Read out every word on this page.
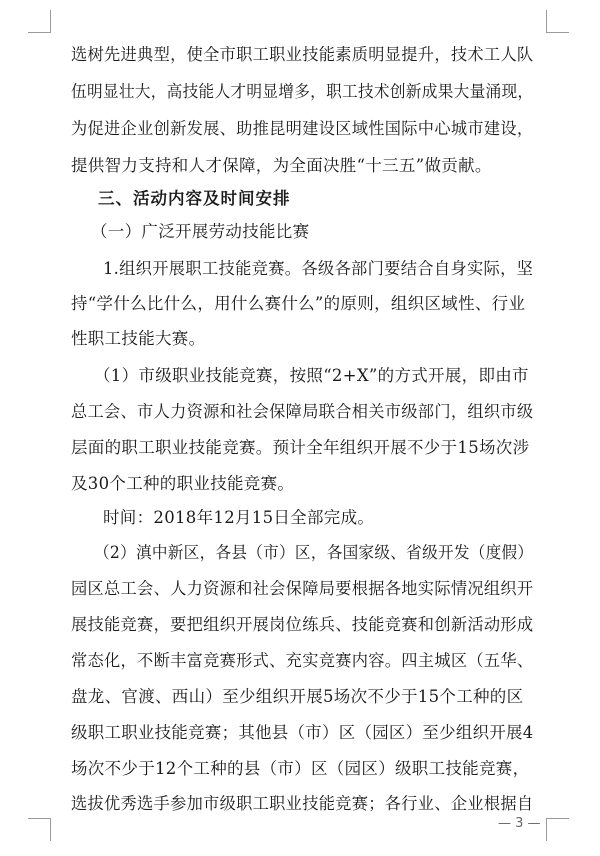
选树先进典型，使全市职工职业技能素质明显提升，技术工人队

伍明显壮大，高技能人才明显增多，职工技术创新成果大量涌现，

为促进企业创新发展、助推昆明建设区域性国际中心城市建设，

提供智力支持和人才保障，为全面决胜“十三五”做贡献。

三、活动内容及时间安排

（一）广泛开展劳动技能比赛

1.组织开展职工技能竞赛。各级各部门要结合自身实际，坚

持“学什么比什么，用什么赛什么”的原则，组织区域性、行业

性职工技能大赛。

（1）市级职业技能竞赛，按照“2+X”的方式开展，即由市

总工会、市人力资源和社会保障局联合相关市级部门，组织市级

层面的职工职业技能竞赛。预计全年组织开展不少于15场次涉

及30个工种的职业技能竞赛。

时间：2018年12月15日全部完成。

（2）滇中新区，各县（市）区，各国家级、省级开发（度假）

园区总工会、人力资源和社会保障局要根据各地实际情况组织开

展技能竞赛，要把组织开展岗位练兵、技能竞赛和创新活动形成

常态化，不断丰富竞赛形式、充实竞赛内容。四主城区（五华、

盘龙、官渡、西山）至少组织开展5场次不少于15个工种的区

级职工职业技能竞赛；其他县（市）区（园区）至少组织开展4

场次不少于12个工种的县（市）区（园区）级职工技能竞赛，

选拔优秀选手参加市级职工职业技能竞赛；各行业、企业根据自

— 3 —
